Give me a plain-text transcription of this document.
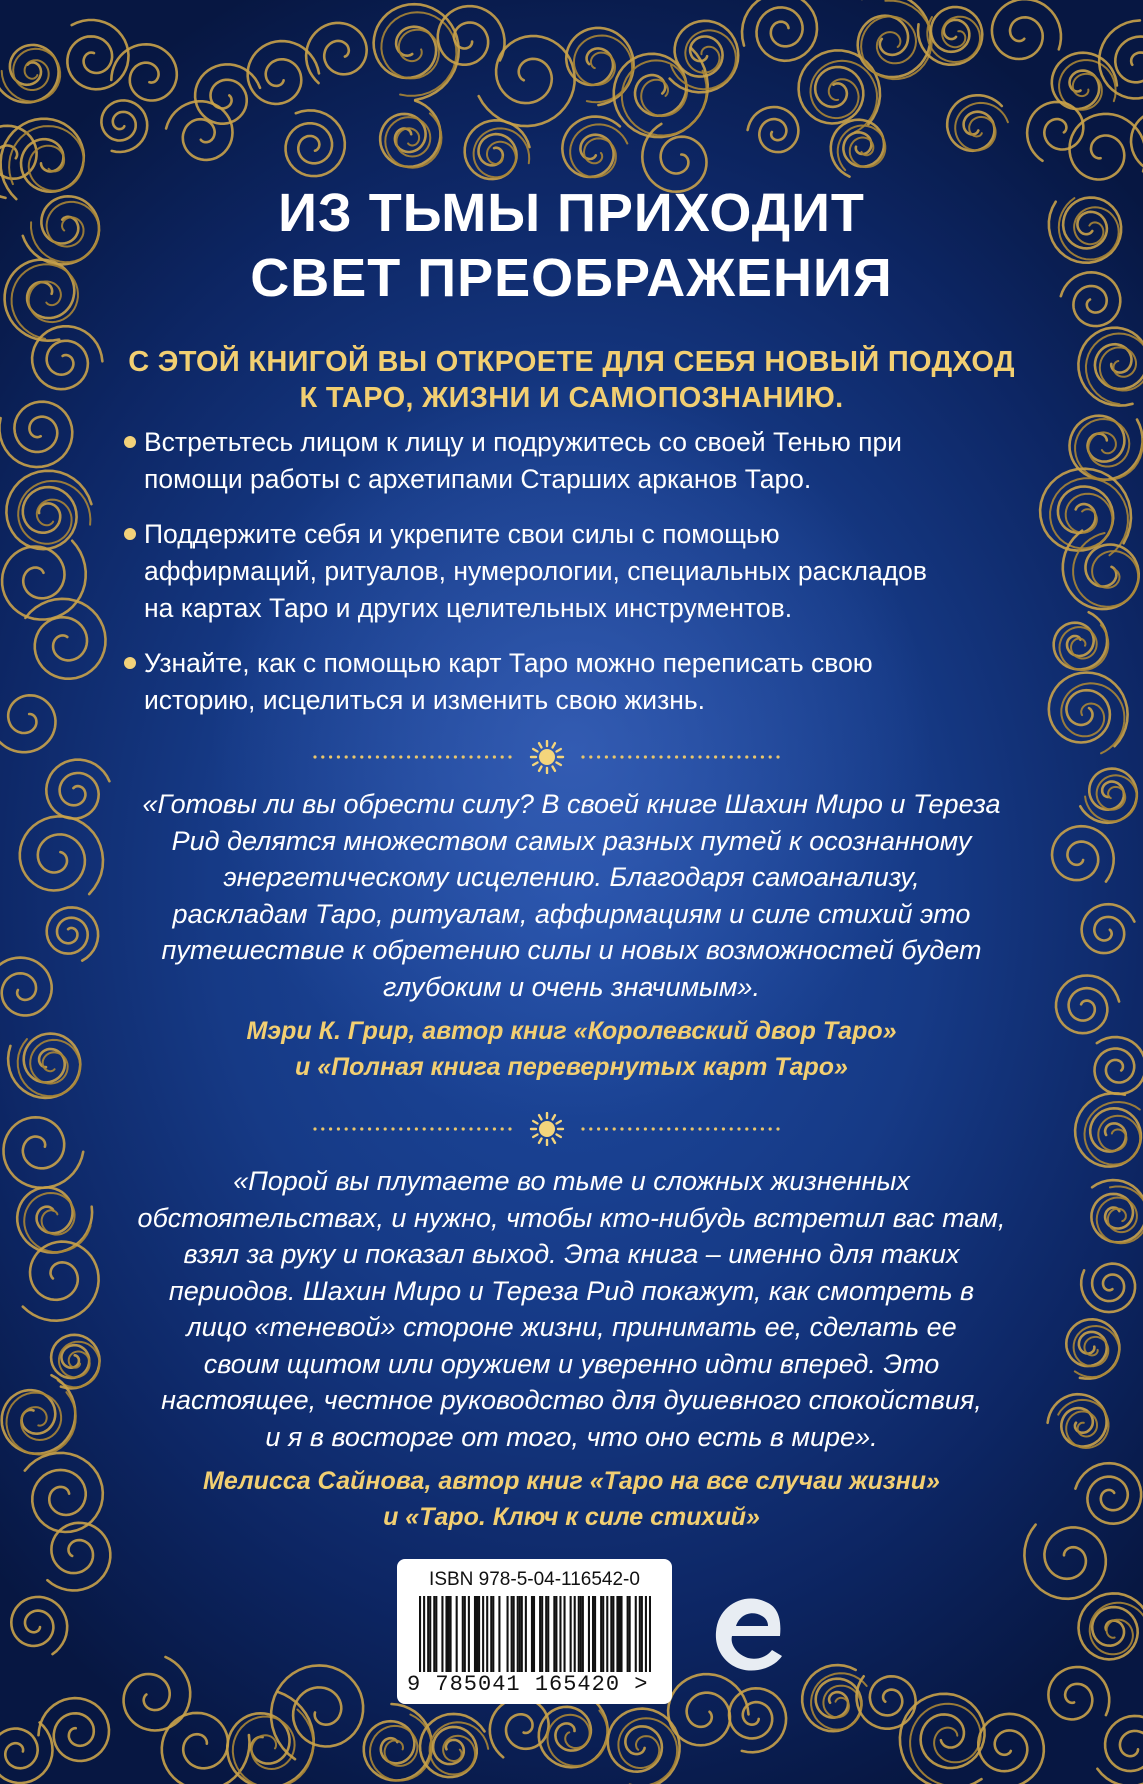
ИЗ ТЬМЫ ПРИХОДИТ
СВЕТ ПРЕОБРАЖЕНИЯ
С ЭТОЙ КНИГОЙ ВЫ ОТКРОЕТЕ ДЛЯ СЕБЯ НОВЫЙ ПОДХОД
К ТАРО, ЖИЗНИ И САМОПОЗНАНИЮ.
Встретьтесь лицом к лицу и подружитесь со своей Тенью при
помощи работы с архетипами Старших арканов Таро.
Поддержите себя и укрепите свои силы с помощью
аффирмаций, ритуалов, нумерологии, специальных раскладов
на картах Таро и других целительных инструментов.
Узнайте, как с помощью карт Таро можно переписать свою
историю, исцелиться и изменить свою жизнь.
«Готовы ли вы обрести силу? В своей книге Шахин Миро и Тереза
Рид делятся множеством самых разных путей к осознанному
энергетическому исцелению. Благодаря самоанализу,
раскладам Таро, ритуалам, аффирмациям и силе стихий это
путешествие к обретению силы и новых возможностей будет
глубоким и очень значимым».
Мэри К. Грир, автор книг «Королевский двор Таро»
и «Полная книга перевернутых карт Таро»
«Порой вы плутаете во тьме и сложных жизненных
обстоятельствах, и нужно, чтобы кто-нибудь встретил вас там,
взял за руку и показал выход. Эта книга – именно для таких
периодов. Шахин Миро и Тереза Рид покажут, как смотреть в
лицо «теневой» стороне жизни, принимать ее, сделать ее
своим щитом или оружием и уверенно идти вперед. Это
настоящее, честное руководство для душевного спокойствия,
и я в восторге от того, что оно есть в мире».
Мелисса Сайнова, автор книг «Таро на все случаи жизни»
и «Таро. Ключ к силе стихий»
ISBN 978-5-04-116542-0
9 785041 165420 >
